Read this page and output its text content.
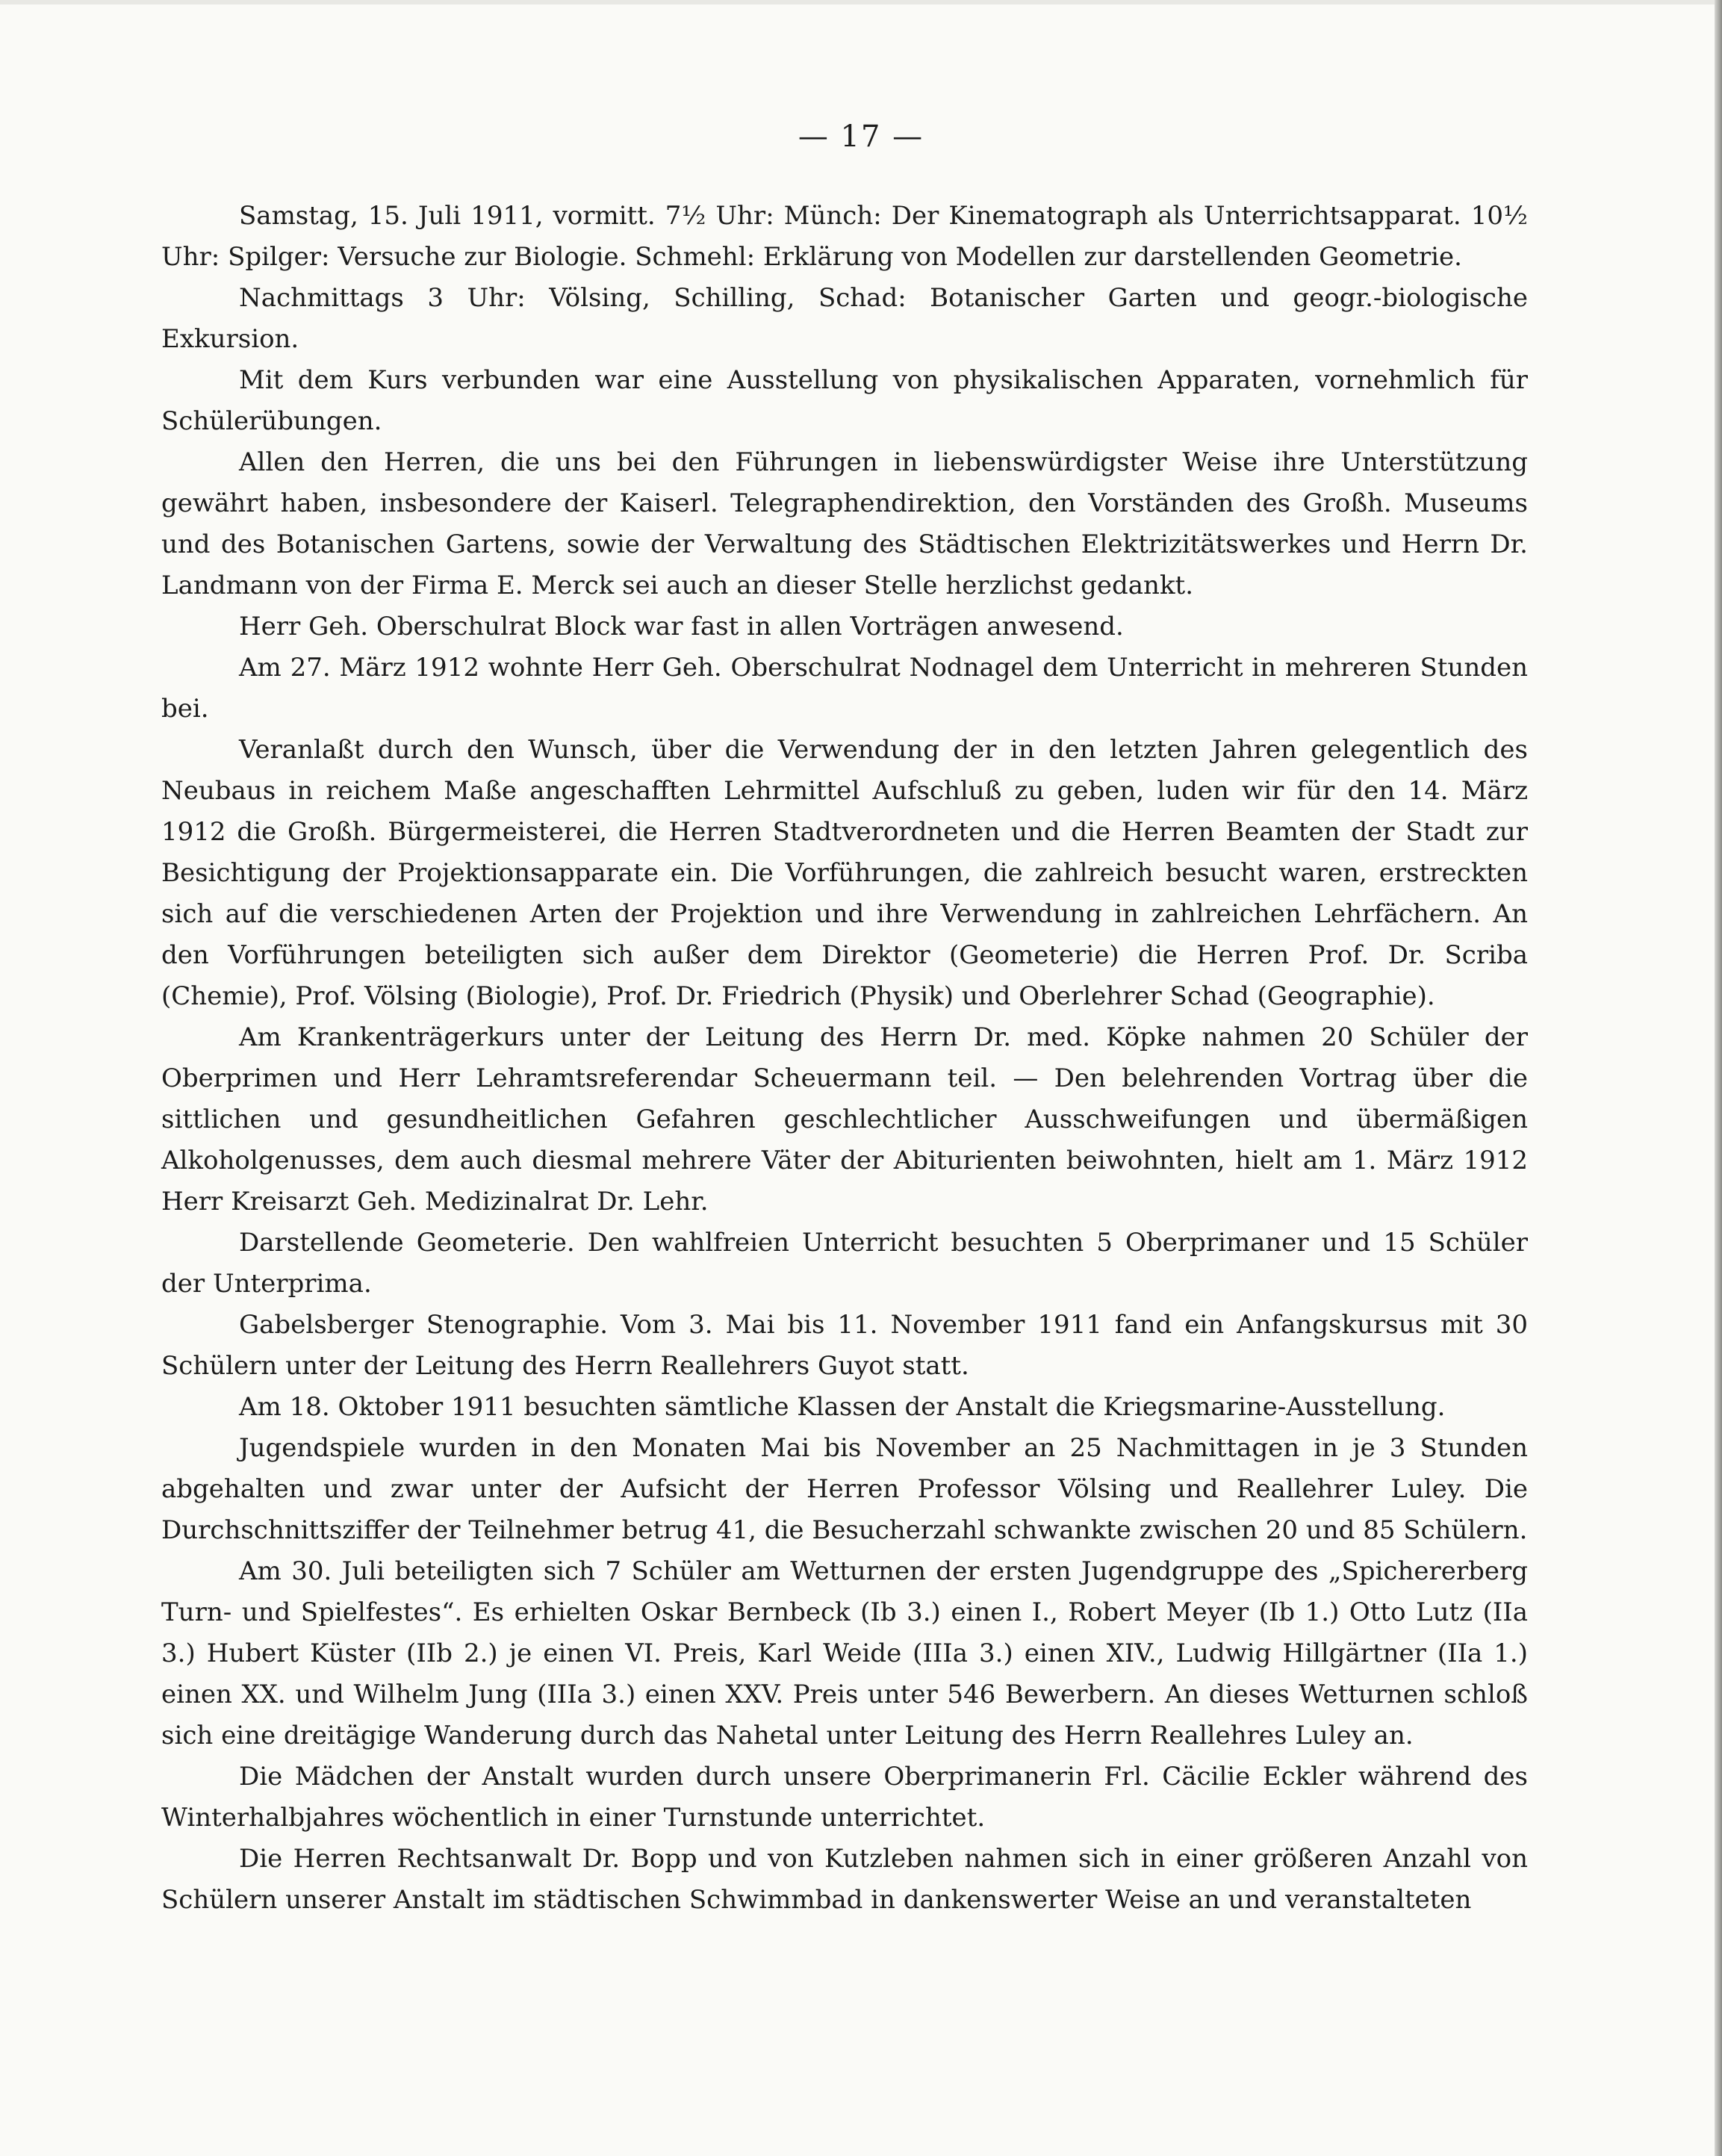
— 17 —

Samstag, 15. Juli 1911, vormitt. 7½ Uhr: Münch: Der Kinematograph als Unterrichtsapparat. 10½ Uhr: Spilger: Versuche zur Biologie. Schmehl: Erklärung von Modellen zur darstellenden Geometrie.

Nachmittags 3 Uhr: Völsing, Schilling, Schad: Botanischer Garten und geogr.-biologische Exkursion.

Mit dem Kurs verbunden war eine Ausstellung von physikalischen Apparaten, vornehmlich für Schülerübungen.

Allen den Herren, die uns bei den Führungen in liebenswürdigster Weise ihre Unterstützung gewährt haben, insbesondere der Kaiserl. Telegraphendirektion, den Vorständen des Großh. Museums und des Botanischen Gartens, sowie der Verwaltung des Städtischen Elektrizitätswerkes und Herrn Dr. Landmann von der Firma E. Merck sei auch an dieser Stelle herzlichst gedankt.

Herr Geh. Oberschulrat Block war fast in allen Vorträgen anwesend.

Am 27. März 1912 wohnte Herr Geh. Oberschulrat Nodnagel dem Unterricht in mehreren Stunden bei.

Veranlaßt durch den Wunsch, über die Verwendung der in den letzten Jahren gelegentlich des Neubaus in reichem Maße angeschafften Lehrmittel Aufschluß zu geben, luden wir für den 14. März 1912 die Großh. Bürgermeisterei, die Herren Stadtverordneten und die Herren Beamten der Stadt zur Besichtigung der Projektionsapparate ein. Die Vorführungen, die zahlreich besucht waren, erstreckten sich auf die verschiedenen Arten der Projektion und ihre Verwendung in zahlreichen Lehrfächern. An den Vorführungen beteiligten sich außer dem Direktor (Geometerie) die Herren Prof. Dr. Scriba (Chemie), Prof. Völsing (Biologie), Prof. Dr. Friedrich (Physik) und Oberlehrer Schad (Geographie).

Am Krankenträgerkurs unter der Leitung des Herrn Dr. med. Köpke nahmen 20 Schüler der Oberprimen und Herr Lehramtsreferendar Scheuermann teil. — Den belehrenden Vortrag über die sittlichen und gesundheitlichen Gefahren geschlechtlicher Ausschweifungen und übermäßigen Alkoholgenusses, dem auch diesmal mehrere Väter der Abiturienten beiwohnten, hielt am 1. März 1912 Herr Kreisarzt Geh. Medizinalrat Dr. Lehr.

Darstellende Geometerie. Den wahlfreien Unterricht besuchten 5 Oberprimaner und 15 Schüler der Unterprima.

Gabelsberger Stenographie. Vom 3. Mai bis 11. November 1911 fand ein Anfangskursus mit 30 Schülern unter der Leitung des Herrn Reallehrers Guyot statt.

Am 18. Oktober 1911 besuchten sämtliche Klassen der Anstalt die Kriegsmarine-Ausstellung.

Jugendspiele wurden in den Monaten Mai bis November an 25 Nachmittagen in je 3 Stunden abgehalten und zwar unter der Aufsicht der Herren Professor Völsing und Reallehrer Luley. Die Durchschnittsziffer der Teilnehmer betrug 41, die Besucherzahl schwankte zwischen 20 und 85 Schülern.

Am 30. Juli beteiligten sich 7 Schüler am Wetturnen der ersten Jugendgruppe des „Spichererberg Turn- und Spielfestes“. Es erhielten Oskar Bernbeck (Ib 3.) einen I., Robert Meyer (Ib 1.) Otto Lutz (IIa 3.) Hubert Küster (IIb 2.) je einen VI. Preis, Karl Weide (IIIa 3.) einen XIV., Ludwig Hillgärtner (IIa 1.) einen XX. und Wilhelm Jung (IIIa 3.) einen XXV. Preis unter 546 Bewerbern. An dieses Wetturnen schloß sich eine dreitägige Wanderung durch das Nahetal unter Leitung des Herrn Reallehres Luley an.

Die Mädchen der Anstalt wurden durch unsere Oberprimanerin Frl. Cäcilie Eckler während des Winterhalbjahres wöchentlich in einer Turnstunde unterrichtet.

Die Herren Rechtsanwalt Dr. Bopp und von Kutzleben nahmen sich in einer größeren Anzahl von Schülern unserer Anstalt im städtischen Schwimmbad in dankenswerter Weise an und veranstalteten
